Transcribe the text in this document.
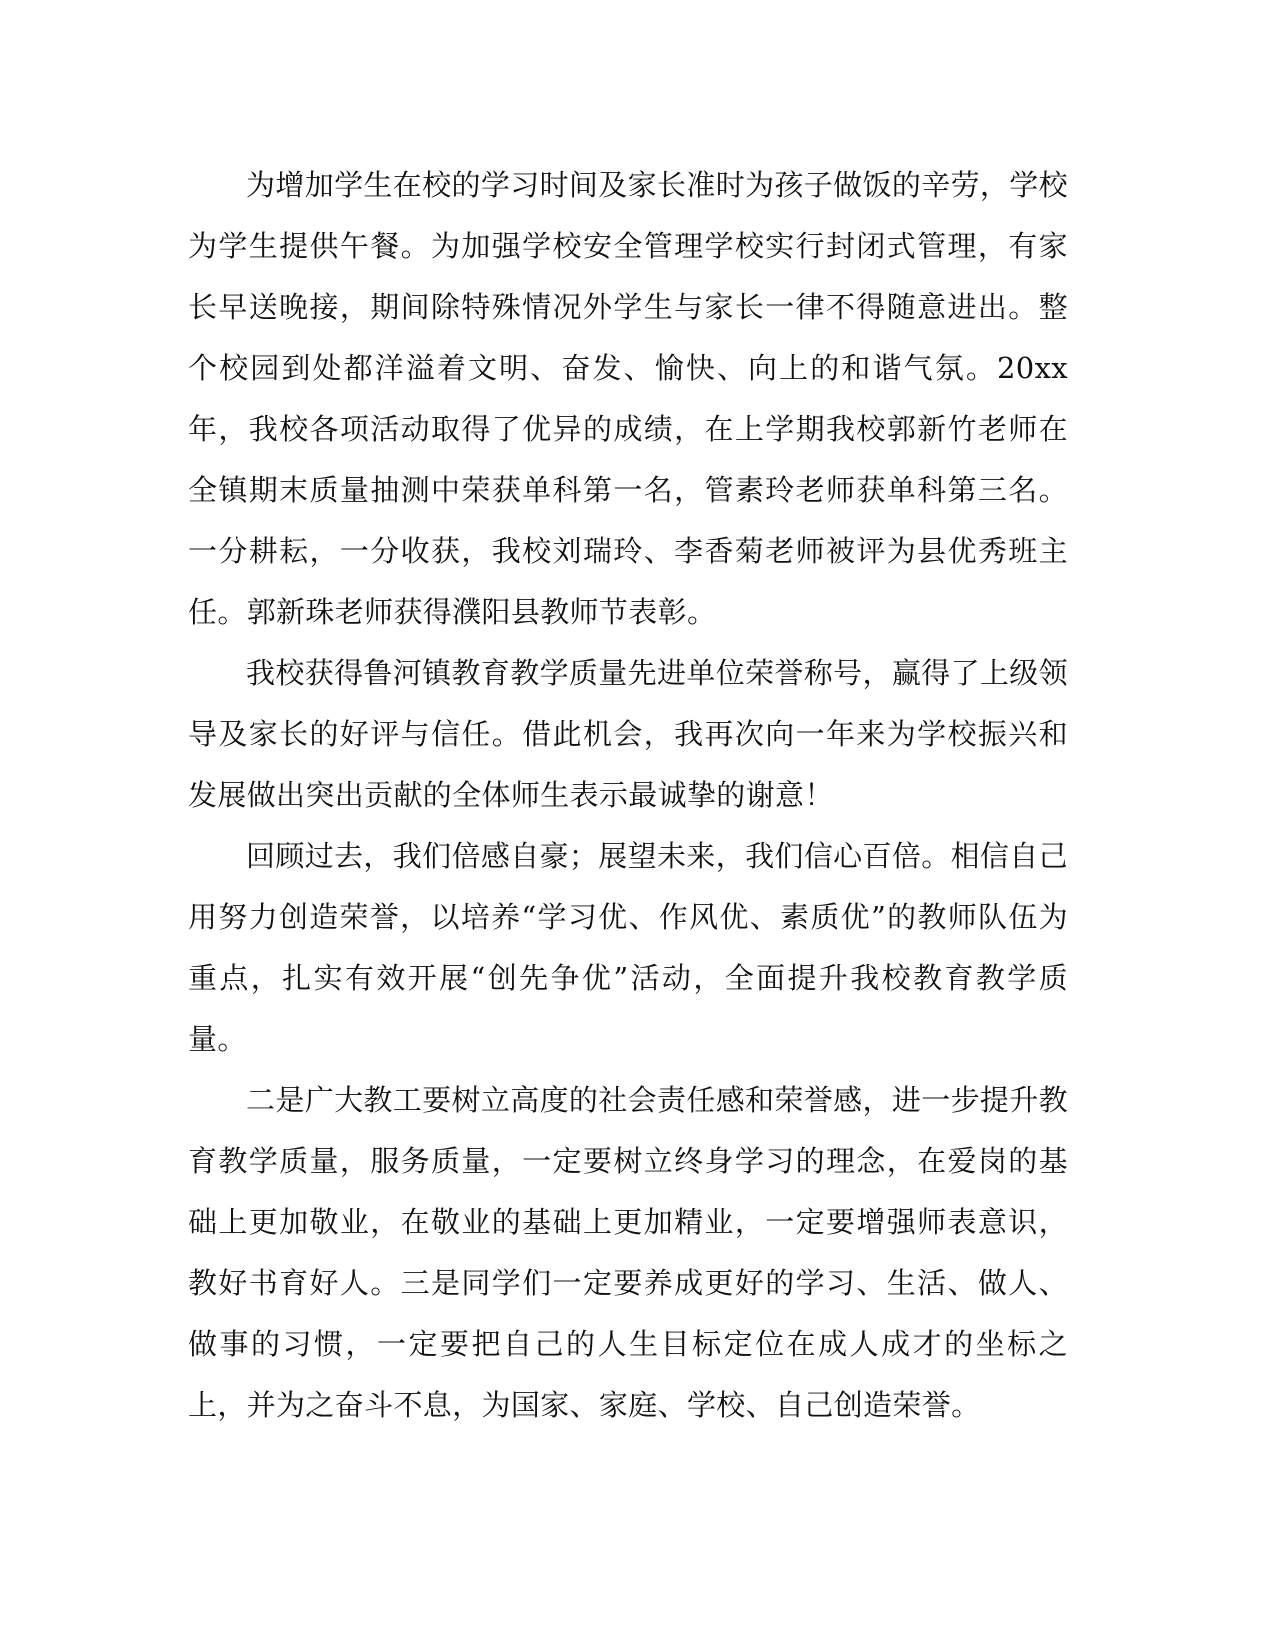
为增加学生在校的学习时间及家长准时为孩子做饭的辛劳，学校为学生提供午餐。为加强学校安全管理学校实行封闭式管理，有家长早送晚接，期间除特殊情况外学生与家长一律不得随意进出。整个校园到处都洋溢着文明、奋发、愉快、向上的和谐气氛。20xx 年，我校各项活动取得了优异的成绩，在上学期我校郭新竹老师在全镇期末质量抽测中荣获单科第一名，管素玲老师获单科第三名。一分耕耘，一分收获，我校刘瑞玲、李香菊老师被评为县优秀班主任。郭新珠老师获得濮阳县教师节表彰。

我校获得鲁河镇教育教学质量先进单位荣誉称号，赢得了上级领导及家长的好评与信任。借此机会，我再次向一年来为学校振兴和发展做出突出贡献的全体师生表示最诚挚的谢意！

回顾过去，我们倍感自豪；展望未来，我们信心百倍。相信自己用努力创造荣誉，以培养“学习优、作风优、素质优”的教师队伍为重点，扎实有效开展“创先争优”活动，全面提升我校教育教学质量。

二是广大教工要树立高度的社会责任感和荣誉感，进一步提升教育教学质量，服务质量，一定要树立终身学习的理念，在爱岗的基础上更加敬业，在敬业的基础上更加精业，一定要增强师表意识，教好书育好人。三是同学们一定要养成更好的学习、生活、做人、做事的习惯，一定要把自己的人生目标定位在成人成才的坐标之上，并为之奋斗不息，为国家、家庭、学校、自己创造荣誉。
